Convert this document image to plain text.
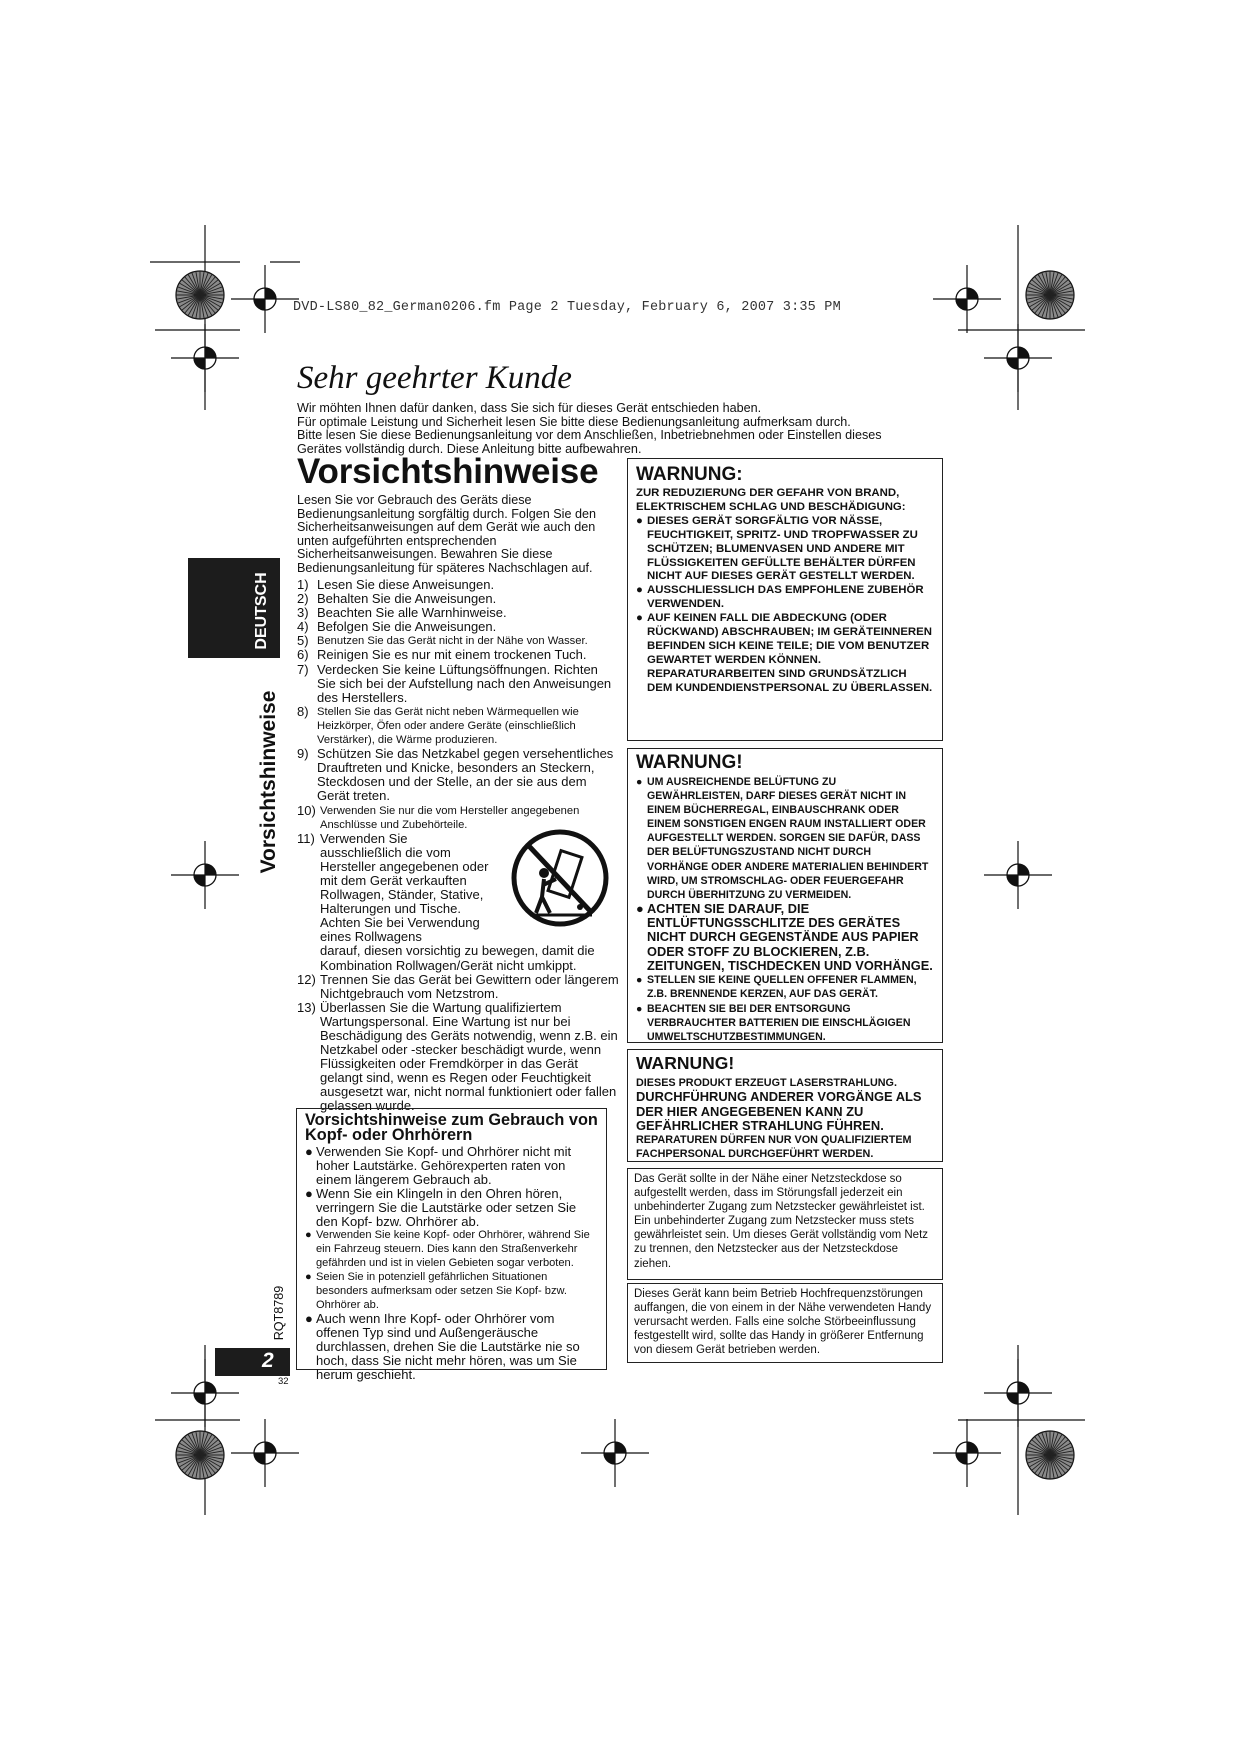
DVD-LS80_82_German0206.fm Page 2 Tuesday, February 6, 2007 3:35 PM
Sehr geehrter Kunde
Wir möhten Ihnen dafür danken, dass Sie sich für dieses Gerät entschieden haben.
Für optimale Leistung und Sicherheit lesen Sie bitte diese Bedienungsanleitung aufmerksam durch.
Bitte lesen Sie diese Bedienungsanleitung vor dem Anschließen, Inbetriebnehmen oder Einstellen dieses
Gerätes vollständig durch. Diese Anleitung bitte aufbewahren.
Vorsichtshinweise
Lesen Sie vor Gebrauch des Geräts diese Bedienungsanleitung sorgfältig durch. Folgen Sie den Sicherheitsanweisungen auf dem Gerät wie auch den unten aufgeführten entsprechenden Sicherheitsanweisungen. Bewahren Sie diese Bedienungsanleitung für späteres Nachschlagen auf.
1) Lesen Sie diese Anweisungen.
2) Behalten Sie die Anweisungen.
3) Beachten Sie alle Warnhinweise.
4) Befolgen Sie die Anweisungen.
5) Benutzen Sie das Gerät nicht in der Nähe von Wasser.
6) Reinigen Sie es nur mit einem trockenen Tuch.
7) Verdecken Sie keine Lüftungsöffnungen. Richten Sie sich bei der Aufstellung nach den Anweisungen des Herstellers.
8) Stellen Sie das Gerät nicht neben Wärmequellen wie Heizkörper, Öfen oder andere Geräte (einschließlich Verstärker), die Wärme produzieren.
9) Schützen Sie das Netzkabel gegen versehentliches Drauftreten und Knicke, besonders an Steckern, Steckdosen und der Stelle, an der sie aus dem Gerät treten.
10) Verwenden Sie nur die vom Hersteller angegebenen Anschlüsse und Zubehörteile.
11) Verwenden Sie ausschließlich die vom Hersteller angegebenen oder mit dem Gerät verkauften Rollwagen, Ständer, Stative, Halterungen und Tische. Achten Sie bei Verwendung eines Rollwagens
darauf, diesen vorsichtig zu bewegen, damit die Kombination Rollwagen/Gerät nicht umkippt.
12) Trennen Sie das Gerät bei Gewittern oder längerem Nichtgebrauch vom Netzstrom.
13) Überlassen Sie die Wartung qualifiziertem Wartungspersonal. Eine Wartung ist nur bei Beschädigung des Geräts notwendig, wenn z.B. ein Netzkabel oder -stecker beschädigt wurde, wenn Flüssigkeiten oder Fremdkörper in das Gerät gelangt sind, wenn es Regen oder Feuchtigkeit ausgesetzt war, nicht normal funktioniert oder fallen gelassen wurde.
DEUTSCH
Vorsichtshinweise
RQT8789
2
32
Vorsichtshinweise zum Gebrauch von Kopf- oder Ohrhörern
● Verwenden Sie Kopf- und Ohrhörer nicht mit hoher Lautstärke. Gehörexperten raten von einem längerem Gebrauch ab.
● Wenn Sie ein Klingeln in den Ohren hören, verringern Sie die Lautstärke oder setzen Sie den Kopf- bzw. Ohrhörer ab.
● Verwenden Sie keine Kopf- oder Ohrhörer, während Sie ein Fahrzeug steuern. Dies kann den Straßenverkehr gefährden und ist in vielen Gebieten sogar verboten.
● Seien Sie in potenziell gefährlichen Situationen besonders aufmerksam oder setzen Sie Kopf- bzw. Ohrhörer ab.
● Auch wenn Ihre Kopf- oder Ohrhörer vom offenen Typ sind und Außengeräusche durchlassen, drehen Sie die Lautstärke nie so hoch, dass Sie nicht mehr hören, was um Sie herum geschieht.
WARNUNG:
ZUR REDUZIERUNG DER GEFAHR VON BRAND, ELEKTRISCHEM SCHLAG UND BESCHÄDIGUNG:
● DIESES GERÄT SORGFÄLTIG VOR NÄSSE, FEUCHTIGKEIT, SPRITZ- UND TROPFWASSER ZU SCHÜTZEN; BLUMENVASEN UND ANDERE MIT FLÜSSIGKEITEN GEFÜLLTE BEHÄLTER DÜRFEN NICHT AUF DIESES GERÄT GESTELLT WERDEN.
● AUSSCHLIESSLICH DAS EMPFOHLENE ZUBEHÖR VERWENDEN.
● AUF KEINEN FALL DIE ABDECKUNG (ODER RÜCKWAND) ABSCHRAUBEN; IM GERÄTEINNEREN BEFINDEN SICH KEINE TEILE; DIE VOM BENUTZER GEWARTET WERDEN KÖNNEN. REPARATURARBEITEN SIND GRUNDSÄTZLICH DEM KUNDENDIENSTPERSONAL ZU ÜBERLASSEN.
WARNUNG!
● UM AUSREICHENDE BELÜFTUNG ZU GEWÄHRLEISTEN, DARF DIESES GERÄT NICHT IN EINEM BÜCHERREGAL, EINBAUSCHRANK ODER EINEM SONSTIGEN ENGEN RAUM INSTALLIERT ODER AUFGESTELLT WERDEN. SORGEN SIE DAFÜR, DASS DER BELÜFTUNGSZUSTAND NICHT DURCH VORHÄNGE ODER ANDERE MATERIALIEN BEHINDERT WIRD, UM STROMSCHLAG- ODER FEUERGEFAHR DURCH ÜBERHITZUNG ZU VERMEIDEN.
● ACHTEN SIE DARAUF, DIE ENTLÜFTUNGSSCHLITZE DES GERÄTES NICHT DURCH GEGENSTÄNDE AUS PAPIER ODER STOFF ZU BLOCKIEREN, Z.B. ZEITUNGEN, TISCHDECKEN UND VORHÄNGE.
● STELLEN SIE KEINE QUELLEN OFFENER FLAMMEN, Z.B. BRENNENDE KERZEN, AUF DAS GERÄT.
● BEACHTEN SIE BEI DER ENTSORGUNG VERBRAUCHTER BATTERIEN DIE EINSCHLÄGIGEN UMWELTSCHUTZBESTIMMUNGEN.
WARNUNG!
DIESES PRODUKT ERZEUGT LASERSTRAHLUNG.
DURCHFÜHRUNG ANDERER VORGÄNGE ALS DER HIER ANGEGEBENEN KANN ZU GEFÄHRLICHER STRAHLUNG FÜHREN.
REPARATUREN DÜRFEN NUR VON QUALIFIZIERTEM FACHPERSONAL DURCHGEFÜHRT WERDEN.
Das Gerät sollte in der Nähe einer Netzsteckdose so aufgestellt werden, dass im Störungsfall jederzeit ein unbehinderter Zugang zum Netzstecker gewährleistet ist. Ein unbehinderter Zugang zum Netzstecker muss stets gewährleistet sein. Um dieses Gerät vollständig vom Netz zu trennen, den Netzstecker aus der Netzsteckdose ziehen.
Dieses Gerät kann beim Betrieb Hochfrequenzstörungen auffangen, die von einem in der Nähe verwendeten Handy verursacht werden. Falls eine solche Störbeeinflussung festgestellt wird, sollte das Handy in größerer Entfernung von diesem Gerät betrieben werden.
